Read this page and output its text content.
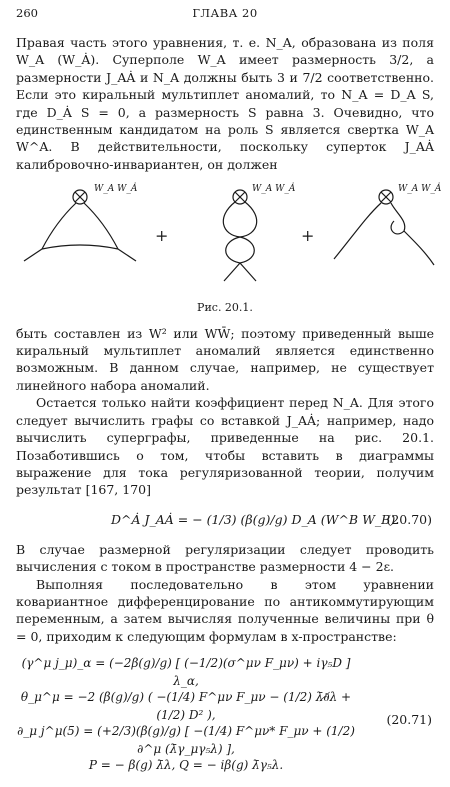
260	ГЛАВА 20

Правая часть этого уравнения, т. е. N_A, образована из поля W_A (W_Ȧ). Суперполе W_A имеет размерность 3/2, а размерности J_AȦ и N_A должны быть 3 и 7/2 соответственно. Если это киральный мультиплет аномалий, то N_A = D_A S, где D_Ȧ S = 0, а размерность S равна 3. Очевидно, что единственным кандидатом на роль S является свертка W_A W^A. В действительности, поскольку суперток J_AȦ калибровочно-инвариантен, он должен

W_A W_Ȧ
+
W_A W_Ȧ
+
W_A W_Ȧ
Рис. 20.1.

быть составлен из W² или WW̄; поэтому приведенный выше киральный мультиплет аномалий является единственно возможным. В данном случае, например, не существует линейного набора аномалий.

Остается только найти коэффициент перед N_A. Для этого следует вычислить графы со вставкой J_AȦ; например, надо вычислить суперграфы, приведенные на рис. 20.1. Позаботившись о том, чтобы вставить в диаграммы выражение для тока регуляризованной теории, получим результат [167, 170]

D^Ȧ J_AȦ = − (1/3) (β(g)/g) D_A (W^B W_B).
(20.70)

В случае размерной регуляризации следует проводить вычисления с током в пространстве размерности 4 − 2ε.

Выполняя последовательно в этом уравнении ковариантное дифференцирование по антикоммутирующим переменным, а затем вычисляя полученные величины при θ = 0, приходим к следующим формулам в x-пространстве:

(γ^μ j_μ)_α = (−2β(g)/g) [ (−1/2)(σ^μν F_μν) + iγ₅D ] λ_α,
θ_μ^μ = −2 (β(g)/g) ( −(1/4) F^μν F_μν − (1/2) λ̄∂̸λ + (1/2) D² ),
∂_μ j^μ(5) = (+2/3)(β(g)/g) [ −(1/4) F^μν* F_μν + (1/2) ∂^μ (λ̄γ_μγ₅λ) ],
P = − β(g) λ̄λ, Q = − iβ(g) λ̄γ₅λ.
(20.71)
